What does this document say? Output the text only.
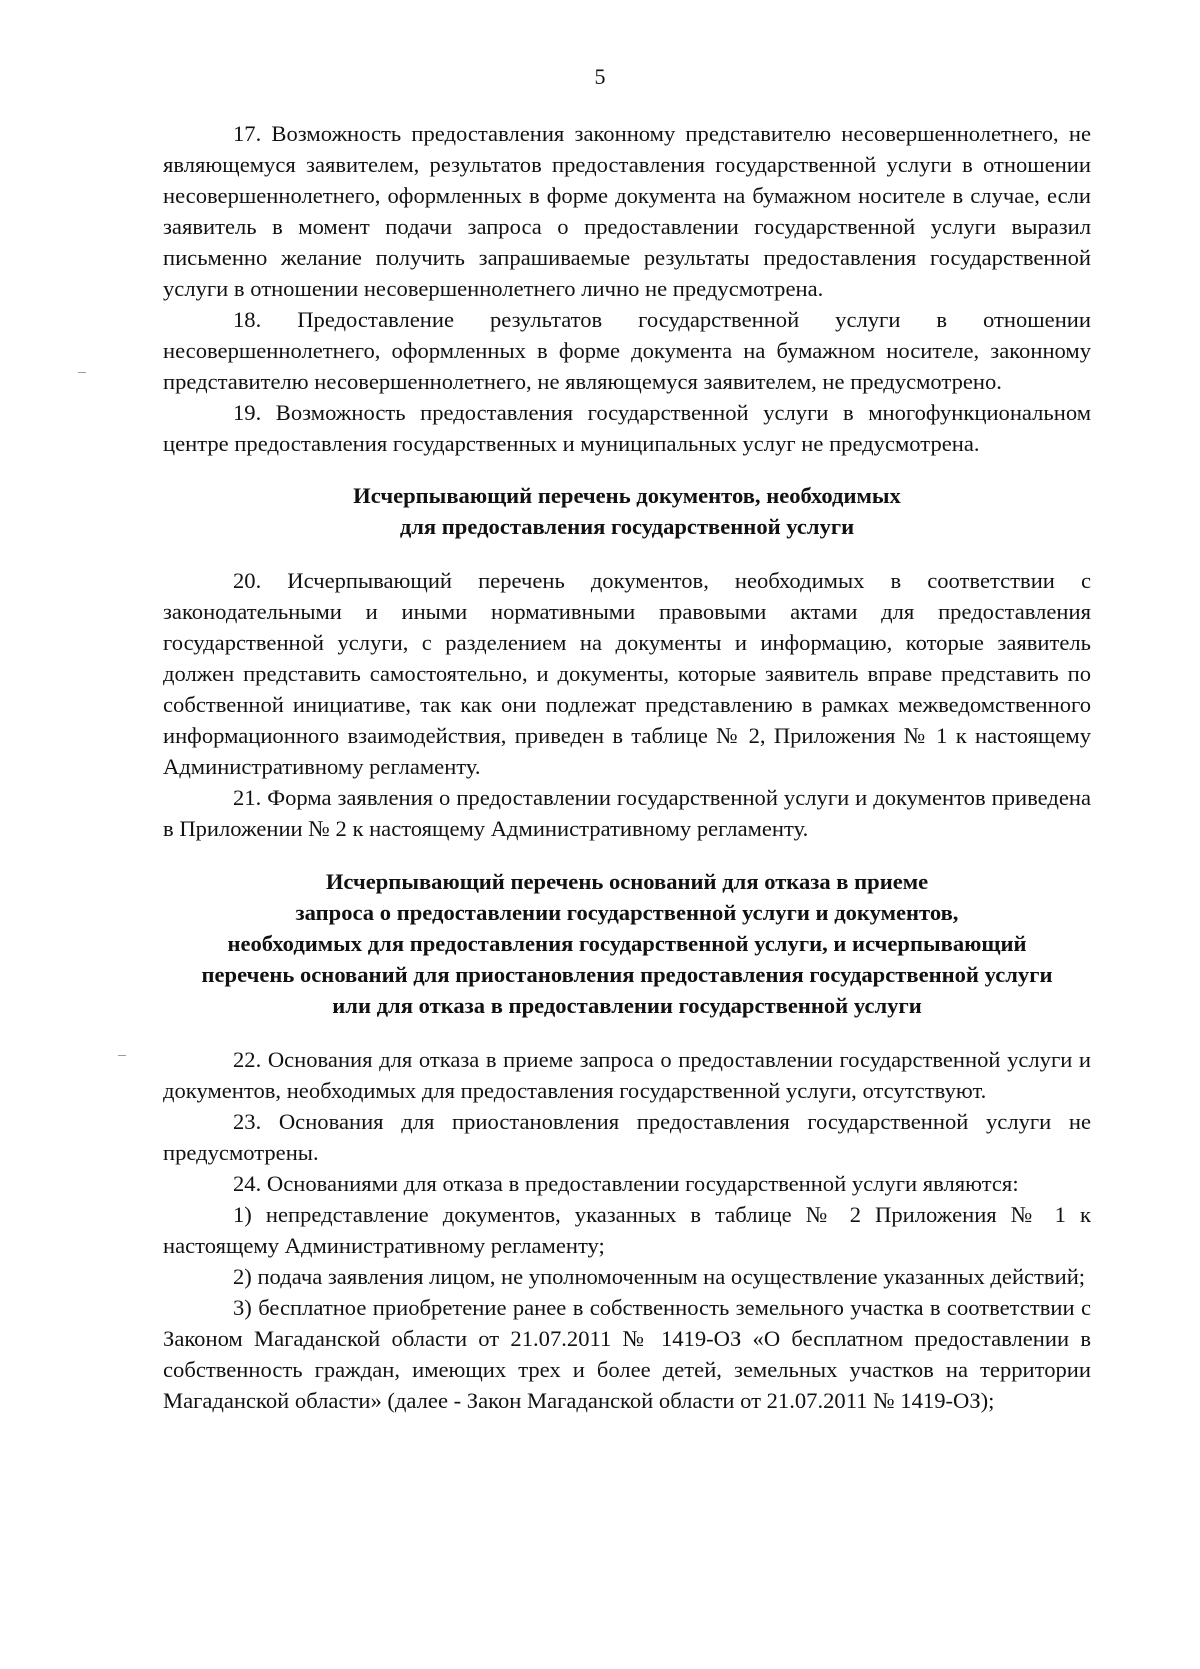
5

17. Возможность предоставления законному представителю несовершеннолетнего, не являющемуся заявителем, результатов предоставления государственной услуги в отношении несовершеннолетнего, оформленных в форме документа на бумажном носителе в случае, если заявитель в момент подачи запроса о предоставлении государственной услуги выразил письменно желание получить запрашиваемые результаты предоставления государственной услуги в отношении несовершеннолетнего лично не предусмотрена.

18. Предоставление результатов государственной услуги в отношении несовершеннолетнего, оформленных в форме документа на бумажном носителе, законному представителю несовершеннолетнего, не являющемуся заявителем, не предусмотрено.

19. Возможность предоставления государственной услуги в многофункциональном центре предоставления государственных и муниципальных услуг не предусмотрена.

Исчерпывающий перечень документов, необходимых
для предоставления государственной услуги

20. Исчерпывающий перечень документов, необходимых в соответствии с законодательными и иными нормативными правовыми актами для предоставления государственной услуги, с разделением на документы и информацию, которые заявитель должен представить самостоятельно, и документы, которые заявитель вправе представить по собственной инициативе, так как они подлежат представлению в рамках межведомственного информационного взаимодействия, приведен в таблице № 2, Приложения № 1 к настоящему Административному регламенту.

21. Форма заявления о предоставлении государственной услуги и документов приведена в Приложении № 2 к настоящему Административному регламенту.

Исчерпывающий перечень оснований для отказа в приеме
запроса о предоставлении государственной услуги и документов,
необходимых для предоставления государственной услуги, и исчерпывающий
перечень оснований для приостановления предоставления государственной услуги
или для отказа в предоставлении государственной услуги

22. Основания для отказа в приеме запроса о предоставлении государственной услуги и документов, необходимых для предоставления государственной услуги, отсутствуют.

23. Основания для приостановления предоставления государственной услуги не предусмотрены.

24. Основаниями для отказа в предоставлении государственной услуги являются:

1) непредставление документов, указанных в таблице № 2 Приложения № 1 к настоящему Административному регламенту;

2) подача заявления лицом, не уполномоченным на осуществление указанных действий;

3) бесплатное приобретение ранее в собственность земельного участка в соответствии с Законом Магаданской области от 21.07.2011 № 1419-ОЗ «О бесплатном предоставлении в собственность граждан, имеющих трех и более детей, земельных участков на территории Магаданской области» (далее - Закон Магаданской области от 21.07.2011 № 1419-ОЗ);
